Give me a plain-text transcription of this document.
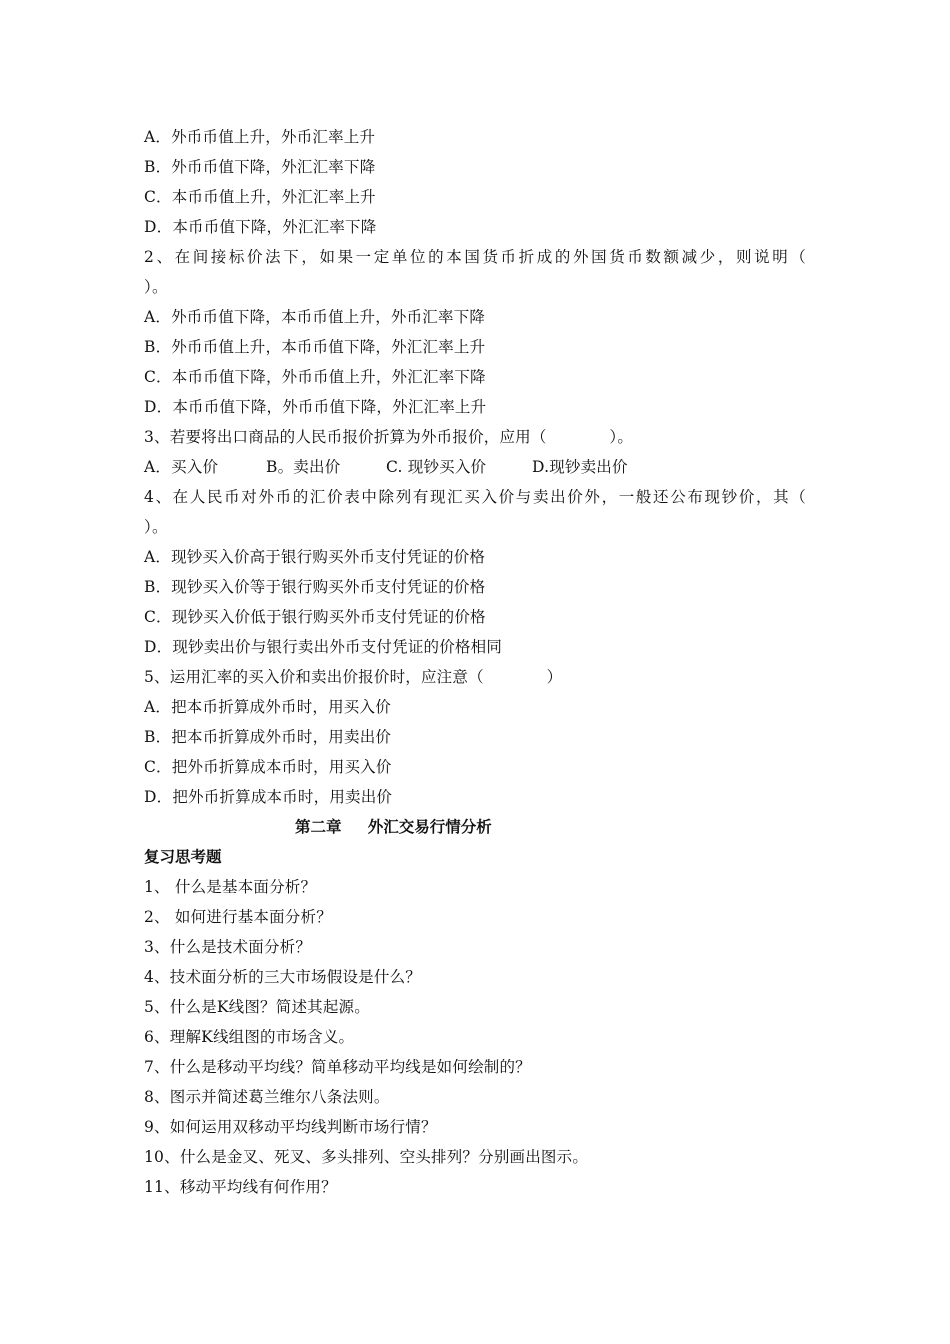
A．外币币值上升，外币汇率上升
B．外币币值下降，外汇汇率下降
C．本币币值上升，外汇汇率上升
D．本币币值下降，外汇汇率下降
2、在间接标价法下，如果一定单位的本国货币折成的外国货币数额减少，则说明（
）。
A．外币币值下降，本币币值上升，外币汇率下降
B．外币币值上升，本币币值下降，外汇汇率上升
C．本币币值下降，外币币值上升，外汇汇率下降
D．本币币值下降，外币币值下降，外汇汇率上升
3、若要将出口商品的人民币报价折算为外币报价，应用（　　　　）。
A．买入价	B。卖出价	C. 现钞买入价	D.现钞卖出价
4、在人民币对外币的汇价表中除列有现汇买入价与卖出价外，一般还公布现钞价，其（
）。
A．现钞买入价高于银行购买外币支付凭证的价格
B．现钞买入价等于银行购买外币支付凭证的价格
C．现钞买入价低于银行购买外币支付凭证的价格
D．现钞卖出价与银行卖出外币支付凭证的价格相同
5、运用汇率的买入价和卖出价报价时，应注意（　　　　）
A．把本币折算成外币时，用买入价
B．把本币折算成外币时，用卖出价
C．把外币折算成本币时，用买入价
D．把外币折算成本币时，用卖出价
第二章　  外汇交易行情分析
复习思考题
1、 什么是基本面分析？
2、 如何进行基本面分析？
3、什么是技术面分析？
4、技术面分析的三大市场假设是什么？
5、什么是K线图？简述其起源。
6、理解K线组图的市场含义。
7、什么是移动平均线？简单移动平均线是如何绘制的？
8、图示并简述葛兰维尔八条法则。
9、如何运用双移动平均线判断市场行情？
10、什么是金叉、死叉、多头排列、空头排列？分别画出图示。
11、移动平均线有何作用？
